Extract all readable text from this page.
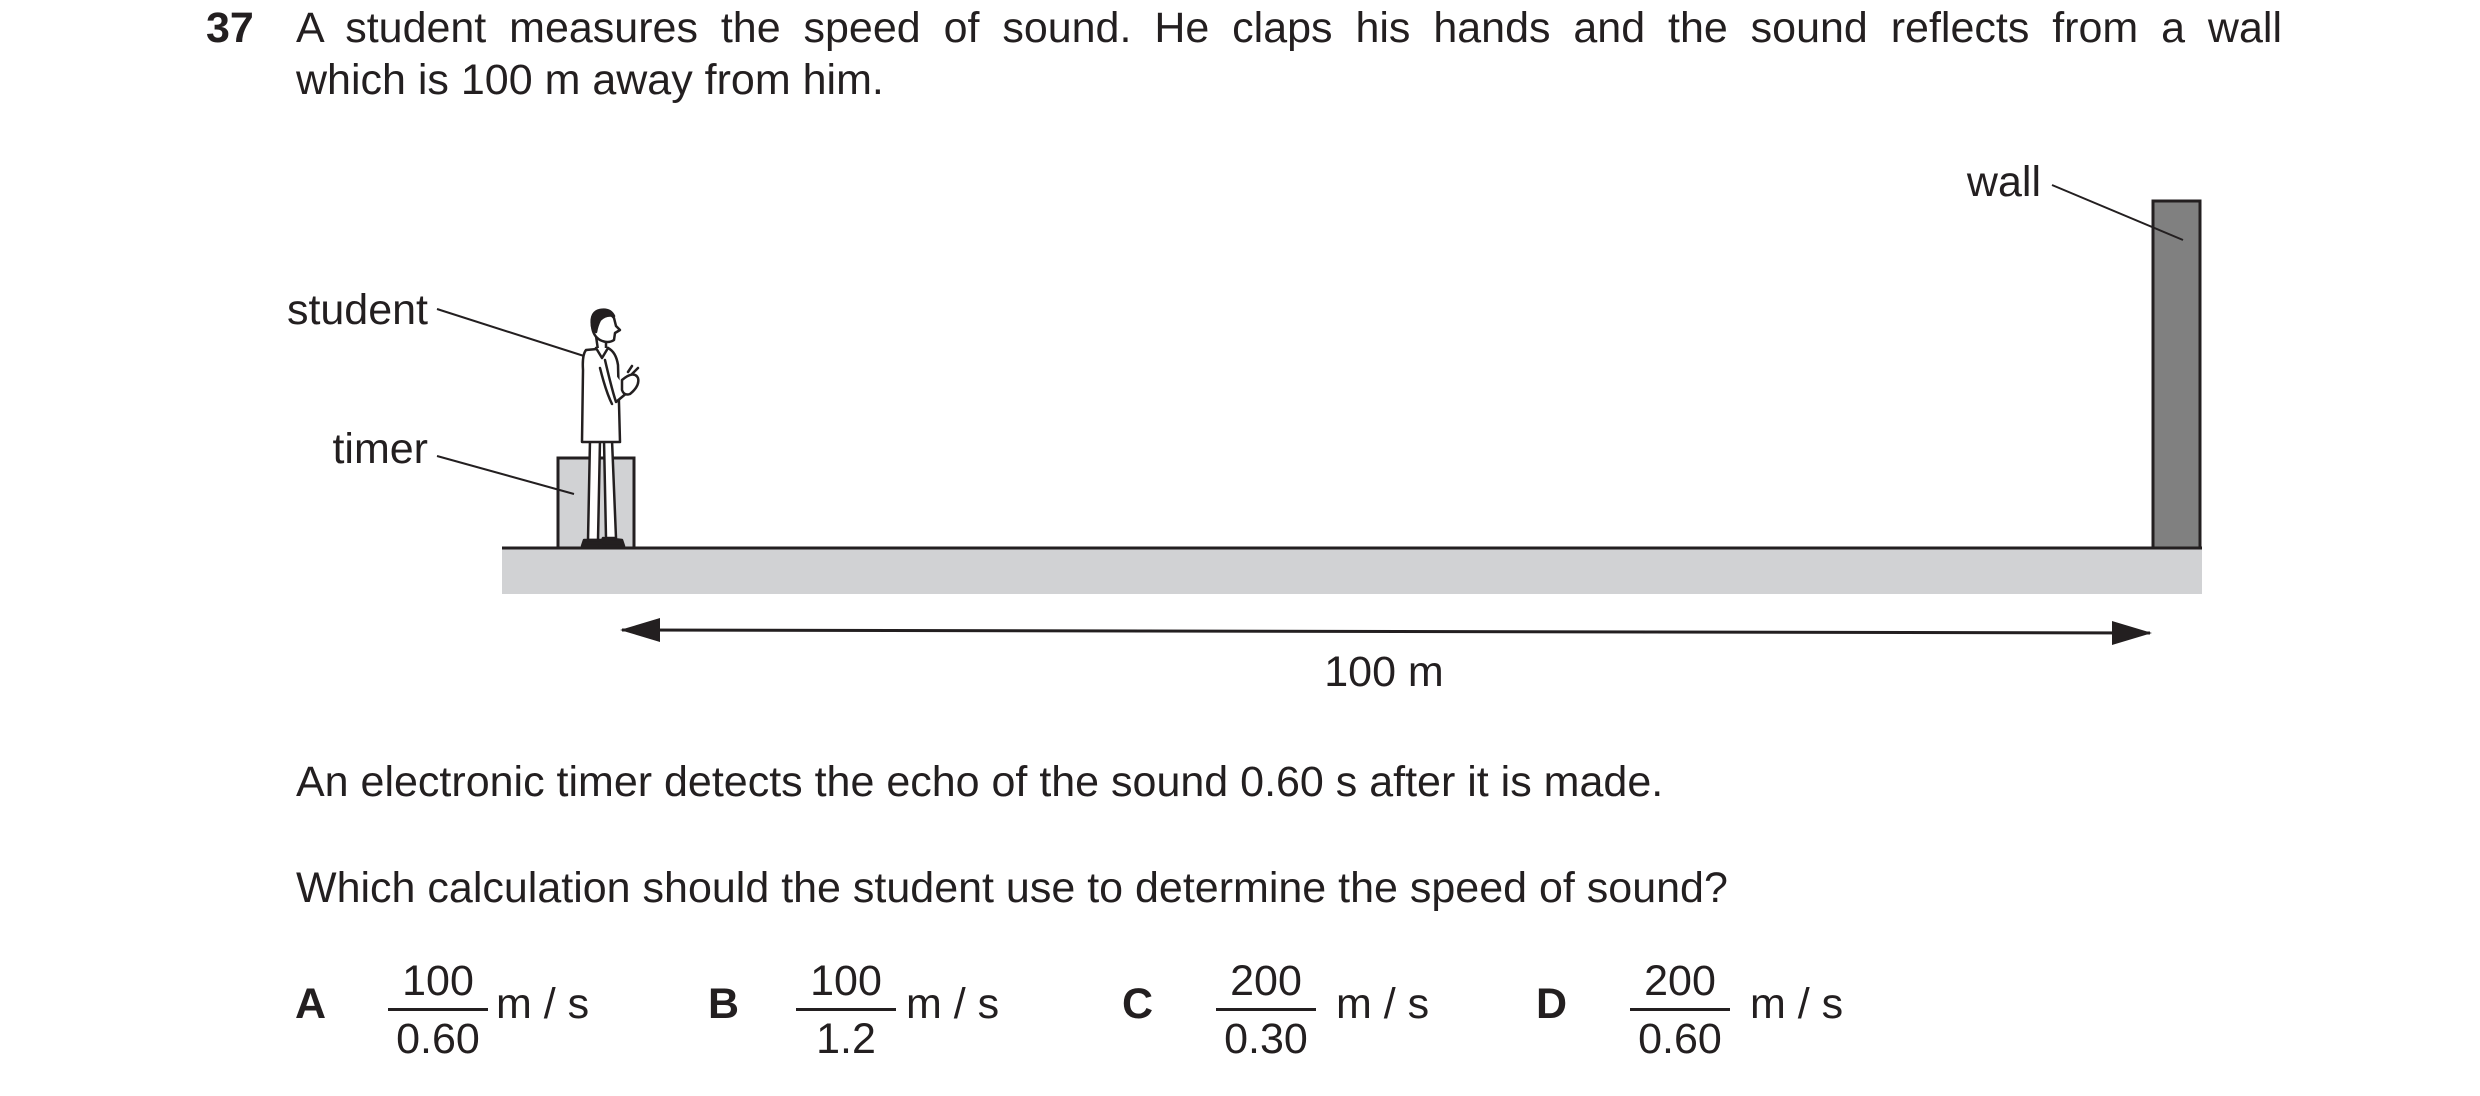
37 A student measures the speed of sound. He claps his hands and the sound reflects from a wall
which is 100 m away from him.
wall
timer
student
100 m
An electronic timer detects the echo of the sound 0.60 s after it is made.
Which calculation should the student use to determine the speed of sound?
A	100
0.60
m / s	B	100
1.2
m / s	C	200
0.30
m / s D	200
0.60
m / s
